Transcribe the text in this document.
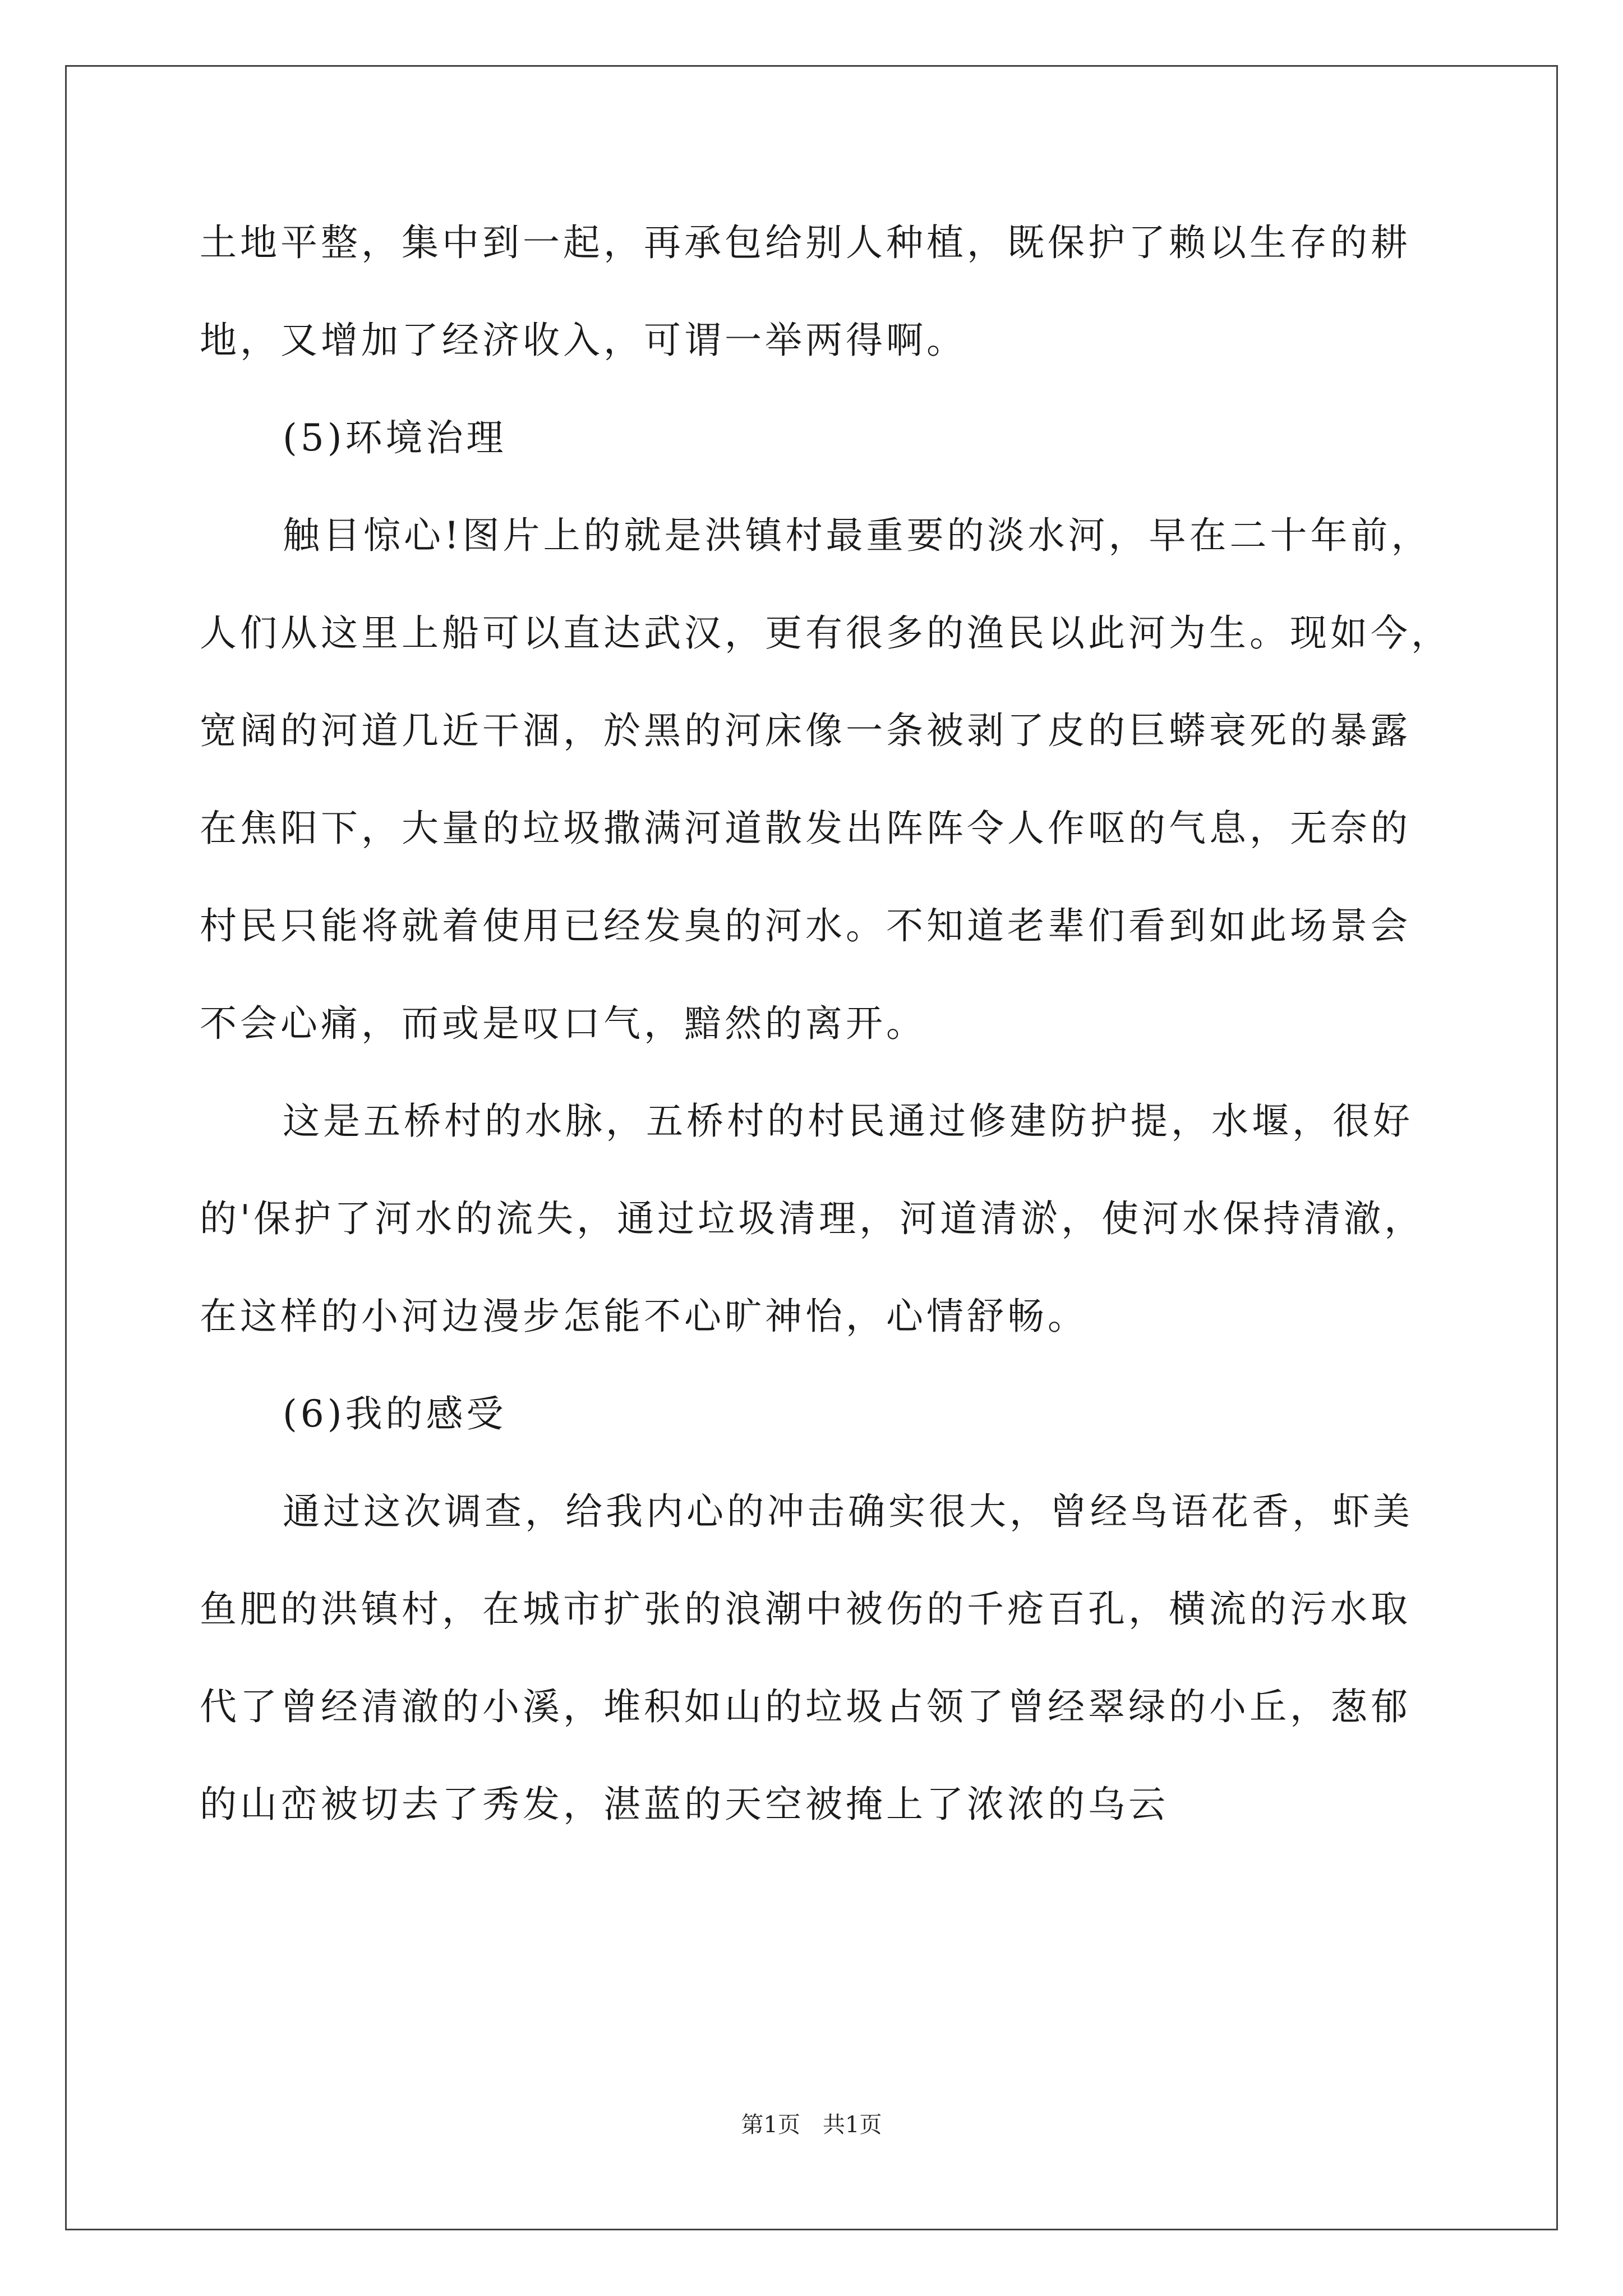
土地平整，集中到一起，再承包给别人种植，既保护了赖以生存的耕
地，又增加了经济收入，可谓一举两得啊。
(5)环境治理
触目惊心!图片上的就是洪镇村最重要的淡水河，早在二十年前，
人们从这里上船可以直达武汉，更有很多的渔民以此河为生。现如今，
宽阔的河道几近干涸，於黑的河床像一条被剥了皮的巨蟒衰死的暴露
在焦阳下，大量的垃圾撒满河道散发出阵阵令人作呕的气息，无奈的
村民只能将就着使用已经发臭的河水。不知道老辈们看到如此场景会
不会心痛，而或是叹口气，黯然的离开。
这是五桥村的水脉，五桥村的村民通过修建防护提，水堰，很好
的'保护了河水的流失，通过垃圾清理，河道清淤，使河水保持清澈，
在这样的小河边漫步怎能不心旷神怡，心情舒畅。
(6)我的感受
通过这次调查，给我内心的冲击确实很大，曾经鸟语花香，虾美
鱼肥的洪镇村，在城市扩张的浪潮中被伤的千疮百孔，横流的污水取
代了曾经清澈的小溪，堆积如山的垃圾占领了曾经翠绿的小丘，葱郁
的山峦被切去了秀发，湛蓝的天空被掩上了浓浓的乌云
第1页　共1页
